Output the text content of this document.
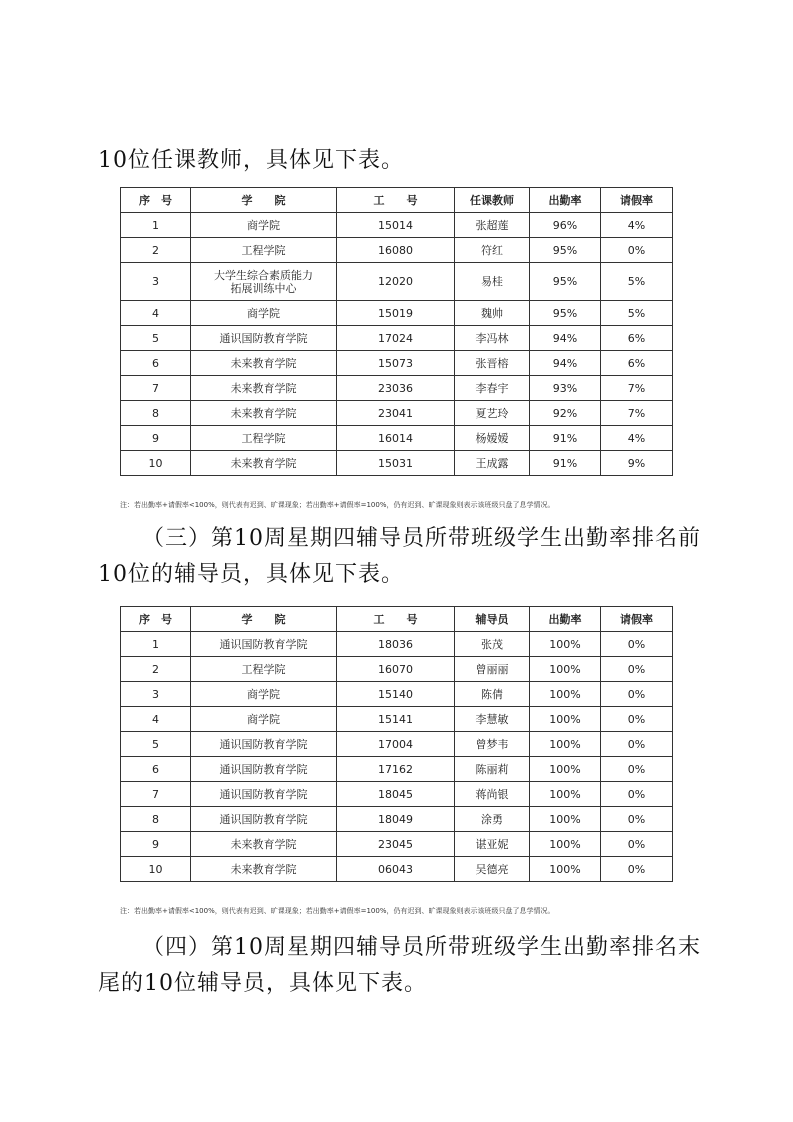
10位任课教师，具体见下表。

序　号	学　　院	工　　号	任课教师	出勤率	请假率
1	商学院	15014	张超莲	96%	4%
2	工程学院	16080	符红	95%	0%
3	大学生综合素质能力拓展训练中心	12020	易桂	95%	5%
4	商学院	15019	魏帅	95%	5%
5	通识国防教育学院	17024	李冯林	94%	6%
6	未来教育学院	15073	张晋榕	94%	6%
7	未来教育学院	23036	李春宇	93%	7%
8	未来教育学院	23041	夏艺玲	92%	7%
9	工程学院	16014	杨嫒嫒	91%	4%
10	未来教育学院	15031	王成露	91%	9%

注：若出勤率+请假率<100%，则代表有迟到、旷课现象；若出勤率+请假率=100%，仍有迟到、旷课现象则表示该班级只盘了息学情况。

（三）第10周星期四辅导员所带班级学生出勤率排名前10位的辅导员，具体见下表。

序　号	学　　院	工　　号	辅导员	出勤率	请假率
1	通识国防教育学院	18036	张茂	100%	0%
2	工程学院	16070	曾丽丽	100%	0%
3	商学院	15140	陈倩	100%	0%
4	商学院	15141	李慧敏	100%	0%
5	通识国防教育学院	17004	曾梦韦	100%	0%
6	通识国防教育学院	17162	陈丽莉	100%	0%
7	通识国防教育学院	18045	蒋尚银	100%	0%
8	通识国防教育学院	18049	涂勇	100%	0%
9	未来教育学院	23045	谌亚妮	100%	0%
10	未来教育学院	06043	吴德亮	100%	0%

注：若出勤率+请假率<100%，则代表有迟到、旷课现象；若出勤率+请假率=100%，仍有迟到、旷课现象则表示该班级只盘了息学情况。

（四）第10周星期四辅导员所带班级学生出勤率排名末尾的10位辅导员，具体见下表。
